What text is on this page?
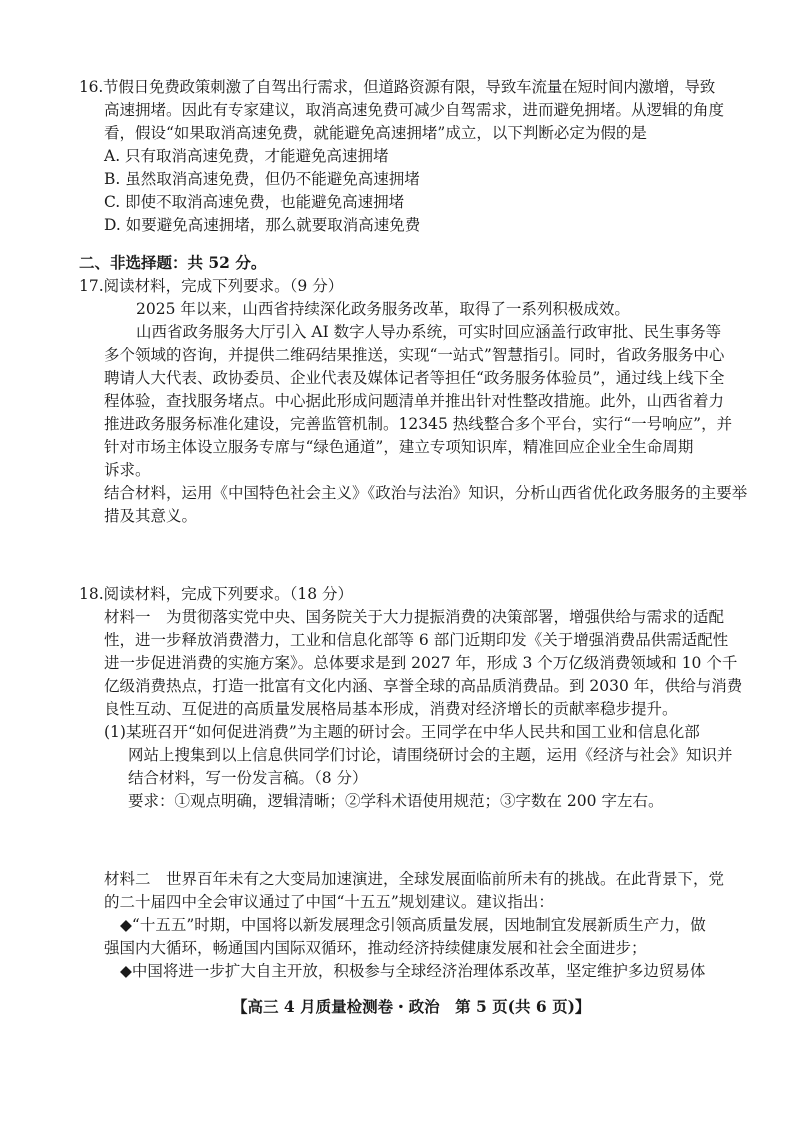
16.节假日免费政策刺激了自驾出行需求，但道路资源有限，导致车流量在短时间内激增，导致
高速拥堵。因此有专家建议，取消高速免费可减少自驾需求，进而避免拥堵。从逻辑的角度
看，假设“如果取消高速免费，就能避免高速拥堵”成立，以下判断必定为假的是
A. 只有取消高速免费，才能避免高速拥堵
B. 虽然取消高速免费，但仍不能避免高速拥堵
C. 即使不取消高速免费，也能避免高速拥堵
D. 如要避免高速拥堵，那么就要取消高速免费
二、非选择题：共 52 分。
17.阅读材料，完成下列要求。（9 分）
2025 年以来，山西省持续深化政务服务改革，取得了一系列积极成效。
山西省政务服务大厅引入 AI 数字人导办系统，可实时回应涵盖行政审批、民生事务等
多个领域的咨询，并提供二维码结果推送，实现“一站式”智慧指引。同时，省政务服务中心
聘请人大代表、政协委员、企业代表及媒体记者等担任“政务服务体验员”，通过线上线下全
程体验，查找服务堵点。中心据此形成问题清单并推出针对性整改措施。此外，山西省着力
推进政务服务标准化建设，完善监管机制。12345 热线整合多个平台，实行“一号响应”，并
针对市场主体设立服务专席与“绿色通道”，建立专项知识库，精准回应企业全生命周期
诉求。
结合材料，运用《中国特色社会主义》《政治与法治》知识，分析山西省优化政务服务的主要举
措及其意义。
18.阅读材料，完成下列要求。（18 分）
材料一　为贯彻落实党中央、国务院关于大力提振消费的决策部署，增强供给与需求的适配
性，进一步释放消费潜力，工业和信息化部等 6 部门近期印发《关于增强消费品供需适配性
进一步促进消费的实施方案》。总体要求是到 2027 年，形成 3 个万亿级消费领域和 10 个千
亿级消费热点，打造一批富有文化内涵、享誉全球的高品质消费品。到 2030 年，供给与消费
良性互动、互促进的高质量发展格局基本形成，消费对经济增长的贡献率稳步提升。
(1)某班召开“如何促进消费”为主题的研讨会。王同学在中华人民共和国工业和信息化部
网站上搜集到以上信息供同学们讨论，请围绕研讨会的主题，运用《经济与社会》知识并
结合材料，写一份发言稿。（8 分）
要求：①观点明确，逻辑清晰；②学科术语使用规范；③字数在 200 字左右。
材料二　世界百年未有之大变局加速演进，全球发展面临前所未有的挑战。在此背景下，党
的二十届四中全会审议通过了中国“十五五”规划建议。建议指出：
◆“十五五”时期，中国将以新发展理念引领高质量发展，因地制宜发展新质生产力，做
强国内大循环，畅通国内国际双循环，推动经济持续健康发展和社会全面进步；
◆中国将进一步扩大自主开放，积极参与全球经济治理体系改革，坚定维护多边贸易体
【高三 4 月质量检测卷・政治　第 5 页(共 6 页)】
